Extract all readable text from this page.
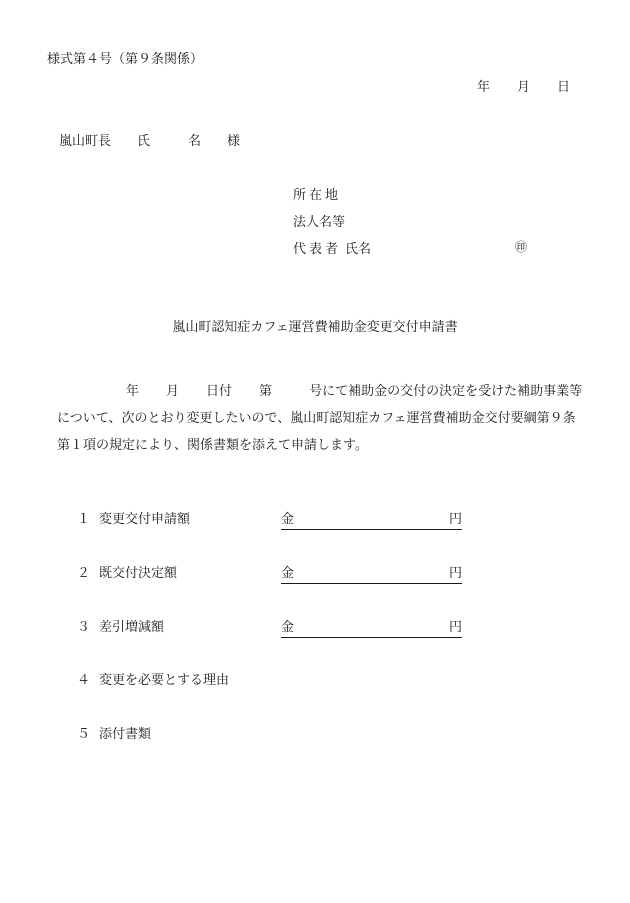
様式第４号（第９条関係）
年 月 日
嵐山町長 氏	名 様
所在地
法人名等
代表者 氏名	㊞
嵐山町認知症カフェ運営費補助金変更交付申請書
年 月 日付 第	号にて補助金の交付の決定を受けた補助事業等について、次のとおり変更したいので、嵐山町認知症カフェ運営費補助金交付要綱第９条第１項の規定により、関係書類を添えて申請します。
１ 変更交付申請額	金	円
２ 既交付決定額	金	円
３ 差引増減額	金	円
４ 変更を必要とする理由
５ 添付書類
